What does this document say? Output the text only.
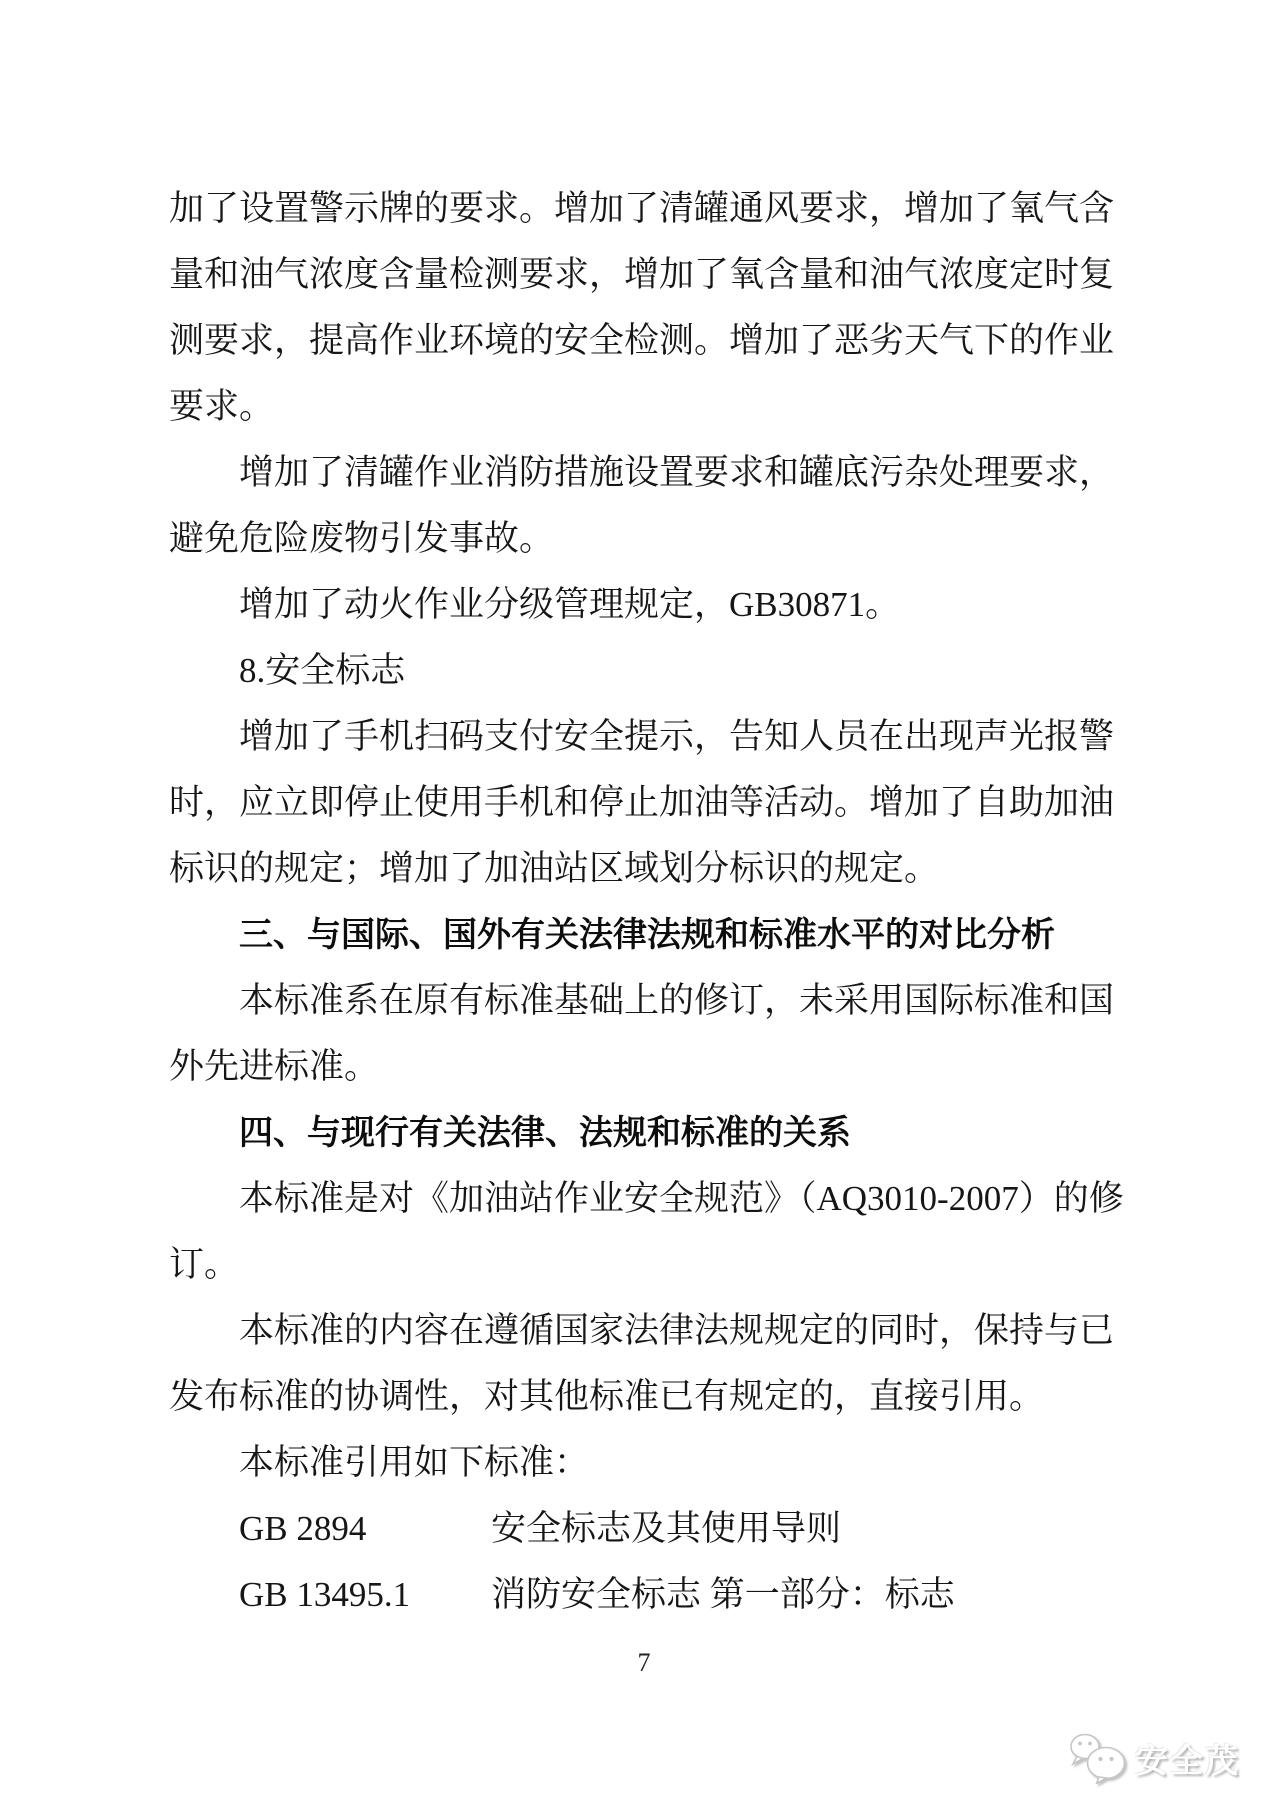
加了设置警示牌的要求。增加了清罐通风要求，增加了氧气含
量和油气浓度含量检测要求，增加了氧含量和油气浓度定时复
测要求，提高作业环境的安全检测。增加了恶劣天气下的作业
要求。
增加了清罐作业消防措施设置要求和罐底污杂处理要求，
避免危险废物引发事故。
增加了动火作业分级管理规定，GB30871。
8.安全标志
增加了手机扫码支付安全提示，告知人员在出现声光报警
时，应立即停止使用手机和停止加油等活动。增加了自助加油
标识的规定；增加了加油站区域划分标识的规定。
三、与国际、国外有关法律法规和标准水平的对比分析
本标准系在原有标准基础上的修订，未采用国际标准和国
外先进标准。
四、与现行有关法律、法规和标准的关系
本标准是对《加油站作业安全规范》（AQ3010-2007）的修
订。
本标准的内容在遵循国家法律法规规定的同时，保持与已
发布标准的协调性，对其他标准已有规定的，直接引用。
本标准引用如下标准：
GB 2894	安全标志及其使用导则
GB 13495.1 消防安全标志 第一部分：标志
7
安全茂
